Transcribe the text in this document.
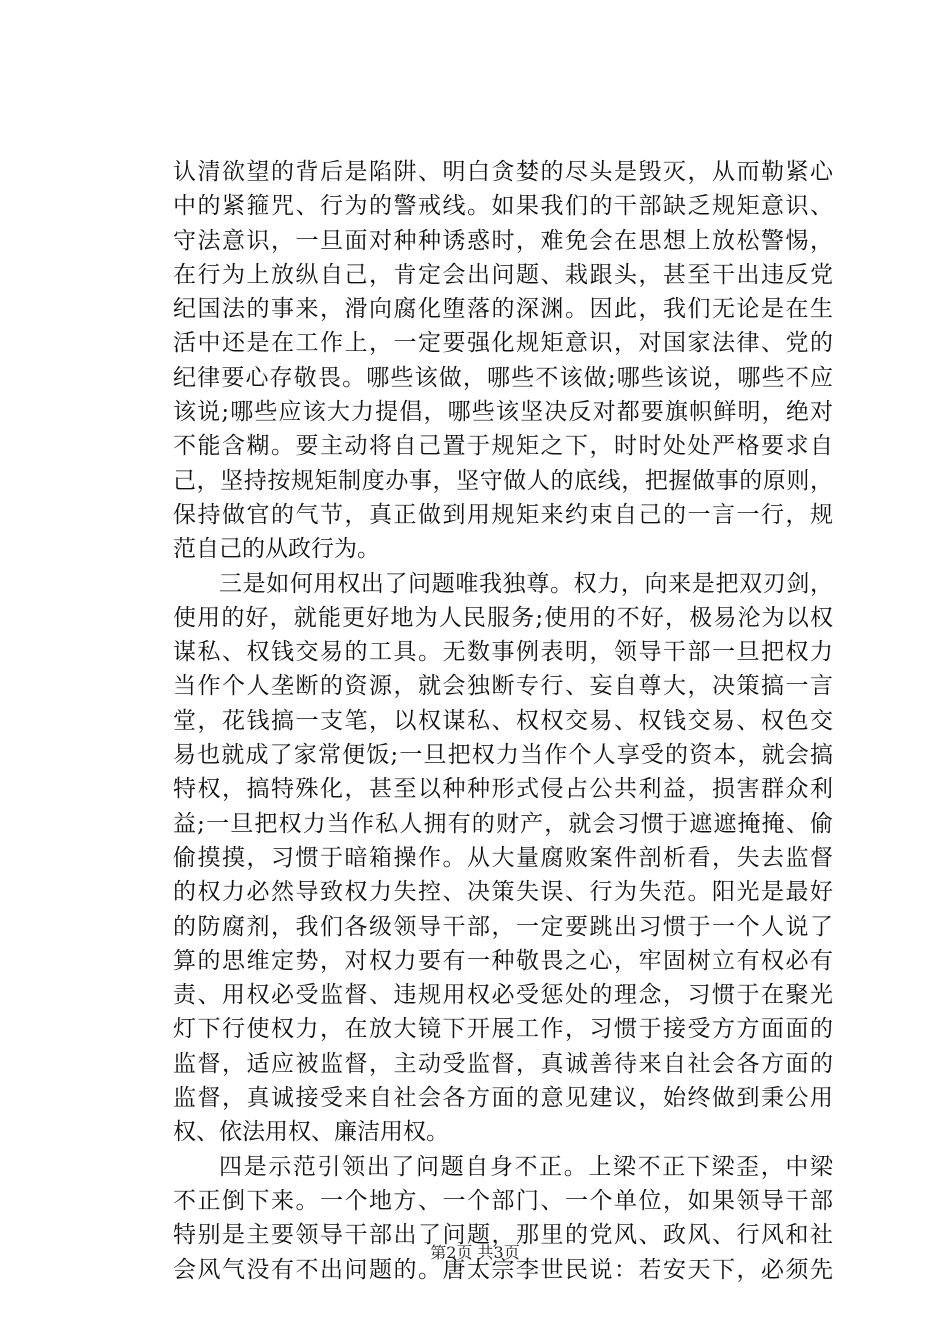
认清欲望的背后是陷阱、明白贪婪的尽头是毁灭，从而勒紧心
中的紧箍咒、行为的警戒线。如果我们的干部缺乏规矩意识、
守法意识，一旦面对种种诱惑时，难免会在思想上放松警惕，
在行为上放纵自己，肯定会出问题、栽跟头，甚至干出违反党
纪国法的事来，滑向腐化堕落的深渊。因此，我们无论是在生
活中还是在工作上，一定要强化规矩意识，对国家法律、党的
纪律要心存敬畏。哪些该做，哪些不该做;哪些该说，哪些不应
该说;哪些应该大力提倡，哪些该坚决反对都要旗帜鲜明，绝对
不能含糊。要主动将自己置于规矩之下，时时处处严格要求自
己，坚持按规矩制度办事，坚守做人的底线，把握做事的原则，
保持做官的气节，真正做到用规矩来约束自己的一言一行，规
范自己的从政行为。
三是如何用权出了问题唯我独尊。权力，向来是把双刃剑，
使用的好，就能更好地为人民服务;使用的不好，极易沦为以权
谋私、权钱交易的工具。无数事例表明，领导干部一旦把权力
当作个人垄断的资源，就会独断专行、妄自尊大，决策搞一言
堂，花钱搞一支笔，以权谋私、权权交易、权钱交易、权色交
易也就成了家常便饭;一旦把权力当作个人享受的资本，就会搞
特权，搞特殊化，甚至以种种形式侵占公共利益，损害群众利
益;一旦把权力当作私人拥有的财产，就会习惯于遮遮掩掩、偷
偷摸摸，习惯于暗箱操作。从大量腐败案件剖析看，失去监督
的权力必然导致权力失控、决策失误、行为失范。阳光是最好
的防腐剂，我们各级领导干部，一定要跳出习惯于一个人说了
算的思维定势，对权力要有一种敬畏之心，牢固树立有权必有
责、用权必受监督、违规用权必受惩处的理念，习惯于在聚光
灯下行使权力，在放大镜下开展工作，习惯于接受方方面面的
监督，适应被监督，主动受监督，真诚善待来自社会各方面的
监督，真诚接受来自社会各方面的意见建议，始终做到秉公用
权、依法用权、廉洁用权。
四是示范引领出了问题自身不正。上梁不正下梁歪，中梁
不正倒下来。一个地方、一个部门、一个单位，如果领导干部
特别是主要领导干部出了问题，那里的党风、政风、行风和社
会风气没有不出问题的。唐太宗李世民说：若安天下，必须先
第2页 共3页
